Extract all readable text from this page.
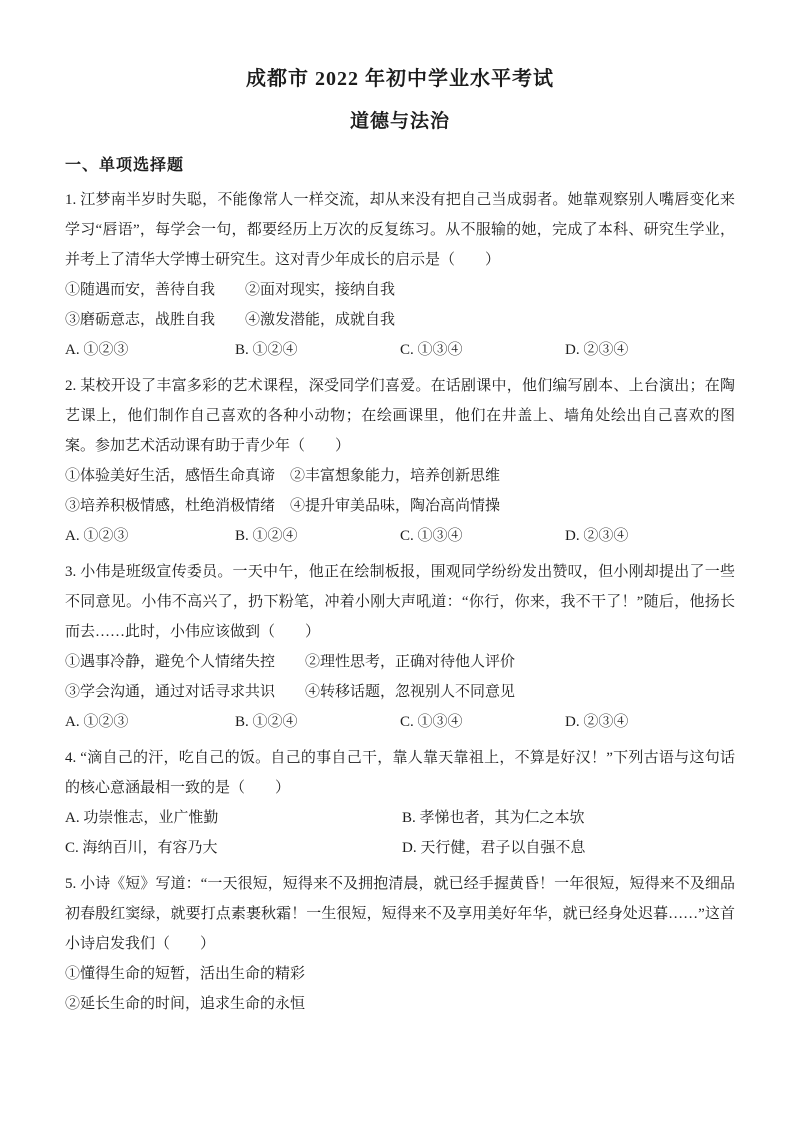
成都市 2022 年初中学业水平考试
道德与法治
一、单项选择题

1. 江梦南半岁时失聪，不能像常人一样交流，却从来没有把自己当成弱者。她靠观察别人嘴唇变化来学习“唇语”，每学会一句，都要经历上万次的反复练习。从不服输的她，完成了本科、研究生学业，并考上了清华大学博士研究生。这对青少年成长的启示是（　　）

①随遇而安，善待自我　　②面对现实，接纳自我

③磨砺意志，战胜自我　　④激发潜能，成就自我

A. ①②③	B. ①②④	C. ①③④	D. ②③④

2. 某校开设了丰富多彩的艺术课程，深受同学们喜爱。在话剧课中，他们编写剧本、上台演出；在陶艺课上，他们制作自己喜欢的各种小动物；在绘画课里，他们在井盖上、墙角处绘出自己喜欢的图案。参加艺术活动课有助于青少年（　　）

①体验美好生活，感悟生命真谛　②丰富想象能力，培养创新思维

③培养积极情感，杜绝消极情绪　④提升审美品味，陶冶高尚情操

A. ①②③	B. ①②④	C. ①③④	D. ②③④

3. 小伟是班级宣传委员。一天中午，他正在绘制板报，围观同学纷纷发出赞叹，但小刚却提出了一些不同意见。小伟不高兴了，扔下粉笔，冲着小刚大声吼道：“你行，你来，我不干了！”随后，他扬长而去……此时，小伟应该做到（　　）

①遇事冷静，避免个人情绪失控　　②理性思考，正确对待他人评价

③学会沟通，通过对话寻求共识　　④转移话题，忽视别人不同意见

A. ①②③	B. ①②④	C. ①③④	D. ②③④

4. “滴自己的汗，吃自己的饭。自己的事自己干，靠人靠天靠祖上，不算是好汉！”下列古语与这句话的核心意涵最相一致的是（　　）

A. 功崇惟志，业广惟勤	B. 孝悌也者，其为仁之本欤
C. 海纳百川，有容乃大	D. 天行健，君子以自强不息

5. 小诗《短》写道：“一天很短，短得来不及拥抱清晨，就已经手握黄昏！一年很短，短得来不及细品初春殷红窦绿，就要打点素裹秋霜！一生很短，短得来不及享用美好年华，就已经身处迟暮……”这首小诗启发我们（　　）

①懂得生命的短暂，活出生命的精彩

②延长生命的时间，追求生命的永恒
